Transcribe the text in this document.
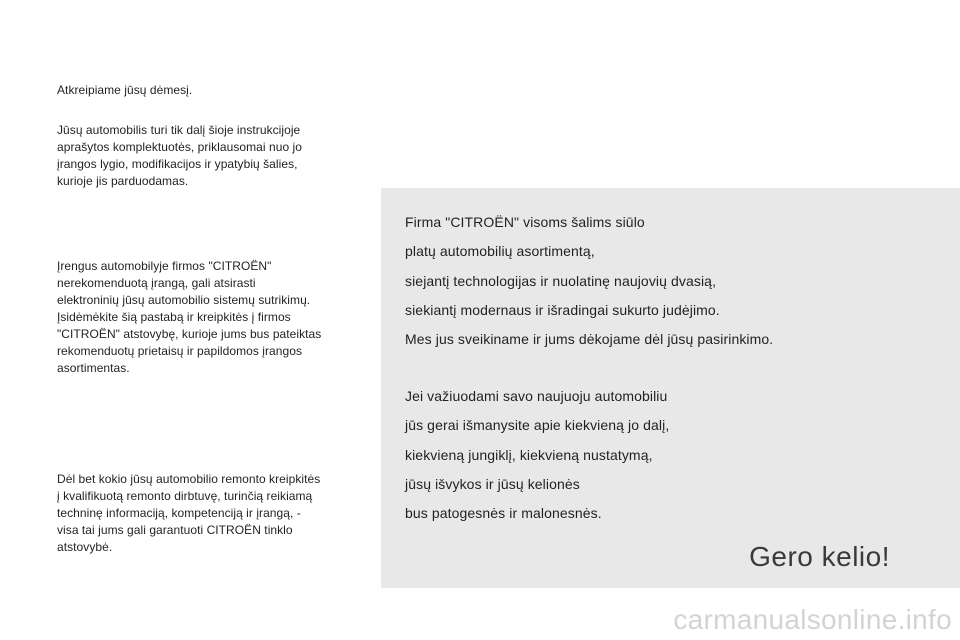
Atkreipiame jūsų dėmesį.

Jūsų automobilis turi tik dalį šioje instrukcijoje
aprašytos komplektuotės, priklausomai nuo jo
įrangos lygio, modifikacijos ir ypatybių šalies,
kurioje jis parduodamas.

Įrengus automobilyje firmos "CITROËN"
nerekomenduotą įrangą, gali atsirasti
elektroninių jūsų automobilio sistemų sutrikimų.
Įsidėmėkite šią pastabą ir kreipkitės į firmos
"CITROËN" atstovybę, kurioje jums bus pateiktas
rekomenduotų prietaisų ir papildomos įrangos
asortimentas.

Dėl bet kokio jūsų automobilio remonto kreipkitės
į kvalifikuotą remonto dirbtuvę, turinčią reikiamą
techninę informaciją, kompetenciją ir įrangą, -
visa tai jums gali garantuoti CITROËN tinklo
atstovybė.

Firma "CITROËN" visoms šalims siūlo
platų automobilių asortimentą,
siejantį technologijas ir nuolatinę naujovių dvasią,
siekiantį modernaus ir išradingai sukurto judėjimo.
Mes jus sveikiname ir jums dėkojame dėl jūsų pasirinkimo.

Jei važiuodami savo naujuoju automobiliu
jūs gerai išmanysite apie kiekvieną jo dalį,
kiekvieną jungiklį, kiekvieną nustatymą,
jūsų išvykos ir jūsų kelionės
bus patogesnės ir malonesnės.

Gero kelio!
carmanualsonline.info
